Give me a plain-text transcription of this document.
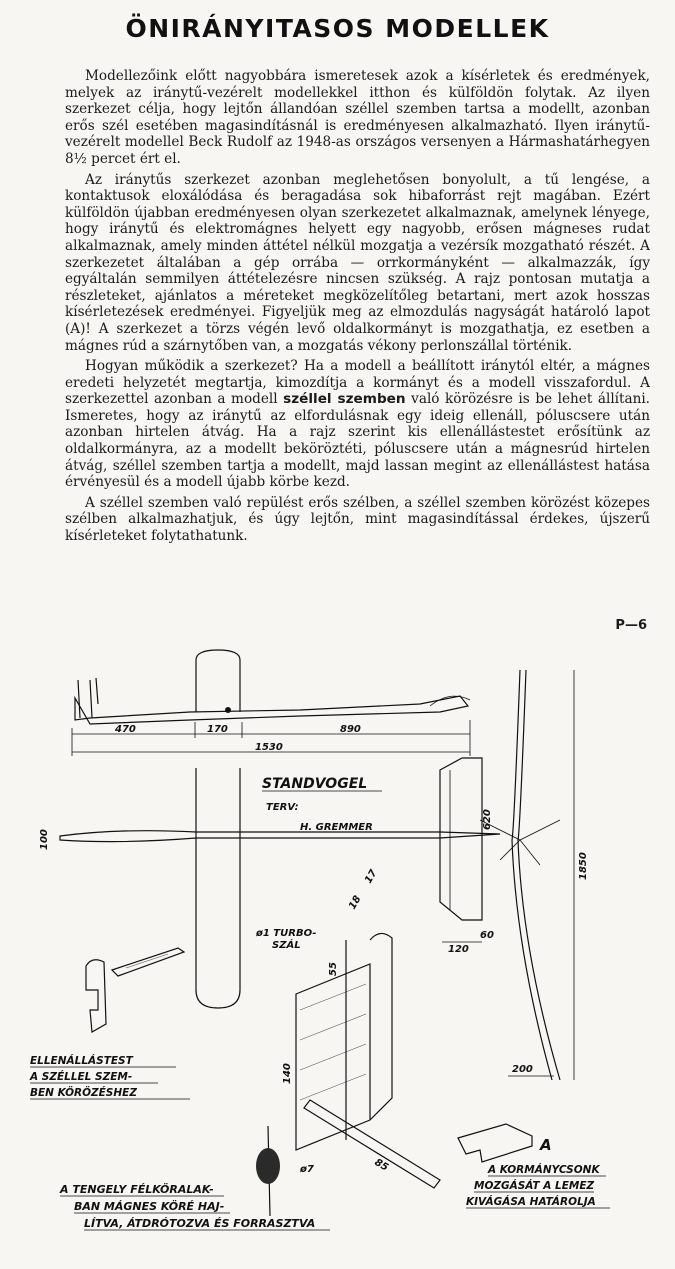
ÖNIRÁNYITASOS MODELLEK

Modellezőink előtt nagyobbára ismeretesek azok a kísérletek és eredmények, melyek az iránytű-vezérelt modellekkel itthon és külföldön folytak. Az ilyen szerkezet célja, hogy lejtőn állandóan széllel szemben tartsa a modellt, azonban erős szél esetében magasindításnál is eredményesen alkalmazható. Ilyen iránytű-vezérelt modellel Beck Rudolf az 1948-as országos versenyen a Hármashatárhegyen 8½ percet ért el.

Az iránytűs szerkezet azonban meglehetősen bonyolult, a tű lengése, a kontaktusok eloxálódása és beragadása sok hibaforrást rejt magában. Ezért külföldön újabban eredményesen olyan szerkezetet alkalmaznak, amelynek lényege, hogy iránytű és elektromágnes helyett egy nagyobb, erősen mágneses rudat alkalmaznak, amely minden áttétel nélkül mozgatja a vezérsík mozgatható részét. A szerkezetet általában a gép orrába — orrkormányként — alkalmazzák, így egyáltalán semmilyen áttételezésre nincsen szükség. A rajz pontosan mutatja a részleteket, ajánlatos a méreteket megközelítőleg betartani, mert azok hosszas kísérletezések eredményei. Figyeljük meg az elmozdulás nagyságát határoló lapot (A)! A szerkezet a törzs végén levő oldalkormányt is mozgathatja, ez esetben a mágnes rúd a szárnytőben van, a mozgatás vékony perlonszállal történik.

Hogyan működik a szerkezet? Ha a modell a beállított iránytól eltér, a mágnes eredeti helyzetét megtartja, kimozdítja a kormányt és a modell visszafordul. A szerkezettel azonban a modell széllel szemben való körözésre is be lehet állítani. Ismeretes, hogy az iránytű az elfordulásnak egy ideig ellenáll, póluscsere után azonban hirtelen átvág. Ha a rajz szerint kis ellenállástestet erősítünk az oldalkormányra, az a modellt beköröztéti, póluscsere után a mágnesrúd hirtelen átvág, széllel szemben tartja a modellt, majd lassan megint az ellenállástest hatása érvényesül és a modell újabb körbe kezd.

A széllel szemben való repülést erős szélben, a széllel szemben körözést közepes szélben alkalmazhatjuk, és úgy lejtőn, mint magasindítással érdekes, újszerű kísérleteket folytathatunk.

P—6
470	170	890
1530
100
620
120
60
STANDVOGEL
TERV:
H. GREMMER
1850
200
ø1 TURBO-
SZÁL
17
18
55
140
85
A
ø7
ELLENÁLLÁSTEST
A SZÉLLEL SZEM-
BEN KÖRÖZÉSHEZ
A TENGELY FÉLKÖRALAK-
BAN MÁGNES KÖRÉ HAJ-
LÍTVA, ÁTDRÓTOZVA ÉS FORRASZTVA
A KORMÁNYCSONK
MOZGÁSÁT A LEMEZ
KIVÁGÁSA HATÁROLJA
